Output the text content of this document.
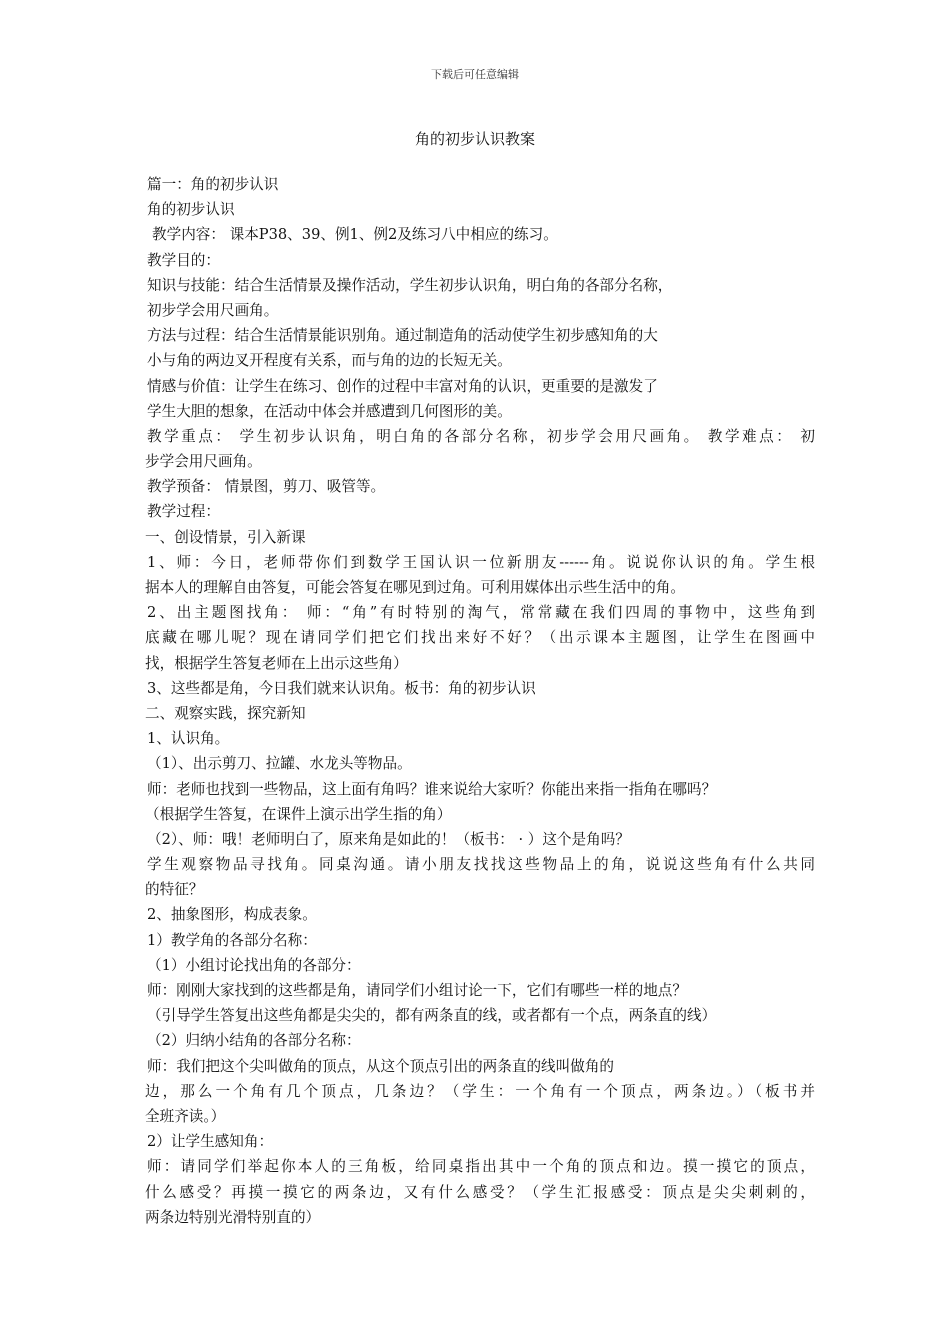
下载后可任意编辑
角的初步认识教案
篇一：角的初步认识
角的初步认识
教学内容： 课本P38、39、例1、例2及练习八中相应的练习。
教学目的：
知识与技能：结合生活情景及操作活动，学生初步认识角，明白角的各部分名称，
初步学会用尺画角。
方法与过程：结合生活情景能识别角。通过制造角的活动使学生初步感知角的大
小与角的两边叉开程度有关系，而与角的边的长短无关。
情感与价值：让学生在练习、创作的过程中丰富对角的认识，更重要的是激发了
学生大胆的想象，在活动中体会并感遭到几何图形的美。
教学重点： 学生初步认识角，明白角的各部分名称，初步学会用尺画角。 教学难点： 初
步学会用尺画角。
教学预备： 情景图，剪刀、吸管等。
教学过程：
一、创设情景，引入新课
1、师：今日，老师带你们到数学王国认识一位新朋友------角。说说你认识的角。学生根
据本人的理解自由答复，可能会答复在哪见到过角。可利用媒体出示些生活中的角。
2、出主题图找角： 师：“角”有时特别的淘气，常常藏在我们四周的事物中，这些角到
底藏在哪儿呢？现在请同学们把它们找出来好不好？（出示课本主题图，让学生在图画中
找，根据学生答复老师在上出示这些角）
3、这些都是角，今日我们就来认识角。板书：角的初步认识
二、观察实践，探究新知
1、认识角。
（1）、出示剪刀、拉罐、水龙头等物品。
师：老师也找到一些物品，这上面有角吗？谁来说给大家听？你能出来指一指角在哪吗？
（根据学生答复，在课件上演示出学生指的角）
（2）、师：哦！老师明白了，原来角是如此的！（板书： · ）这个是角吗？
学生观察物品寻找角。同桌沟通。请小朋友找找这些物品上的角，说说这些角有什么共同
的特征？
2、抽象图形，构成表象。
1）教学角的各部分名称：
（1）小组讨论找出角的各部分：
师：刚刚大家找到的这些都是角，请同学们小组讨论一下，它们有哪些一样的地点？
（引导学生答复出这些角都是尖尖的，都有两条直的线，或者都有一个点，两条直的线）
（2）归纳小结角的各部分名称：
师：我们把这个尖叫做角的顶点，从这个顶点引出的两条直的线叫做角的
边，那么一个角有几个顶点，几条边？（学生：一个角有一个顶点，两条边。）（板书并
全班齐读。）
2）让学生感知角：
师：请同学们举起你本人的三角板，给同桌指出其中一个角的顶点和边。摸一摸它的顶点，
什么感受？再摸一摸它的两条边，又有什么感受？（学生汇报感受：顶点是尖尖刺刺的，
两条边特别光滑特别直的）
